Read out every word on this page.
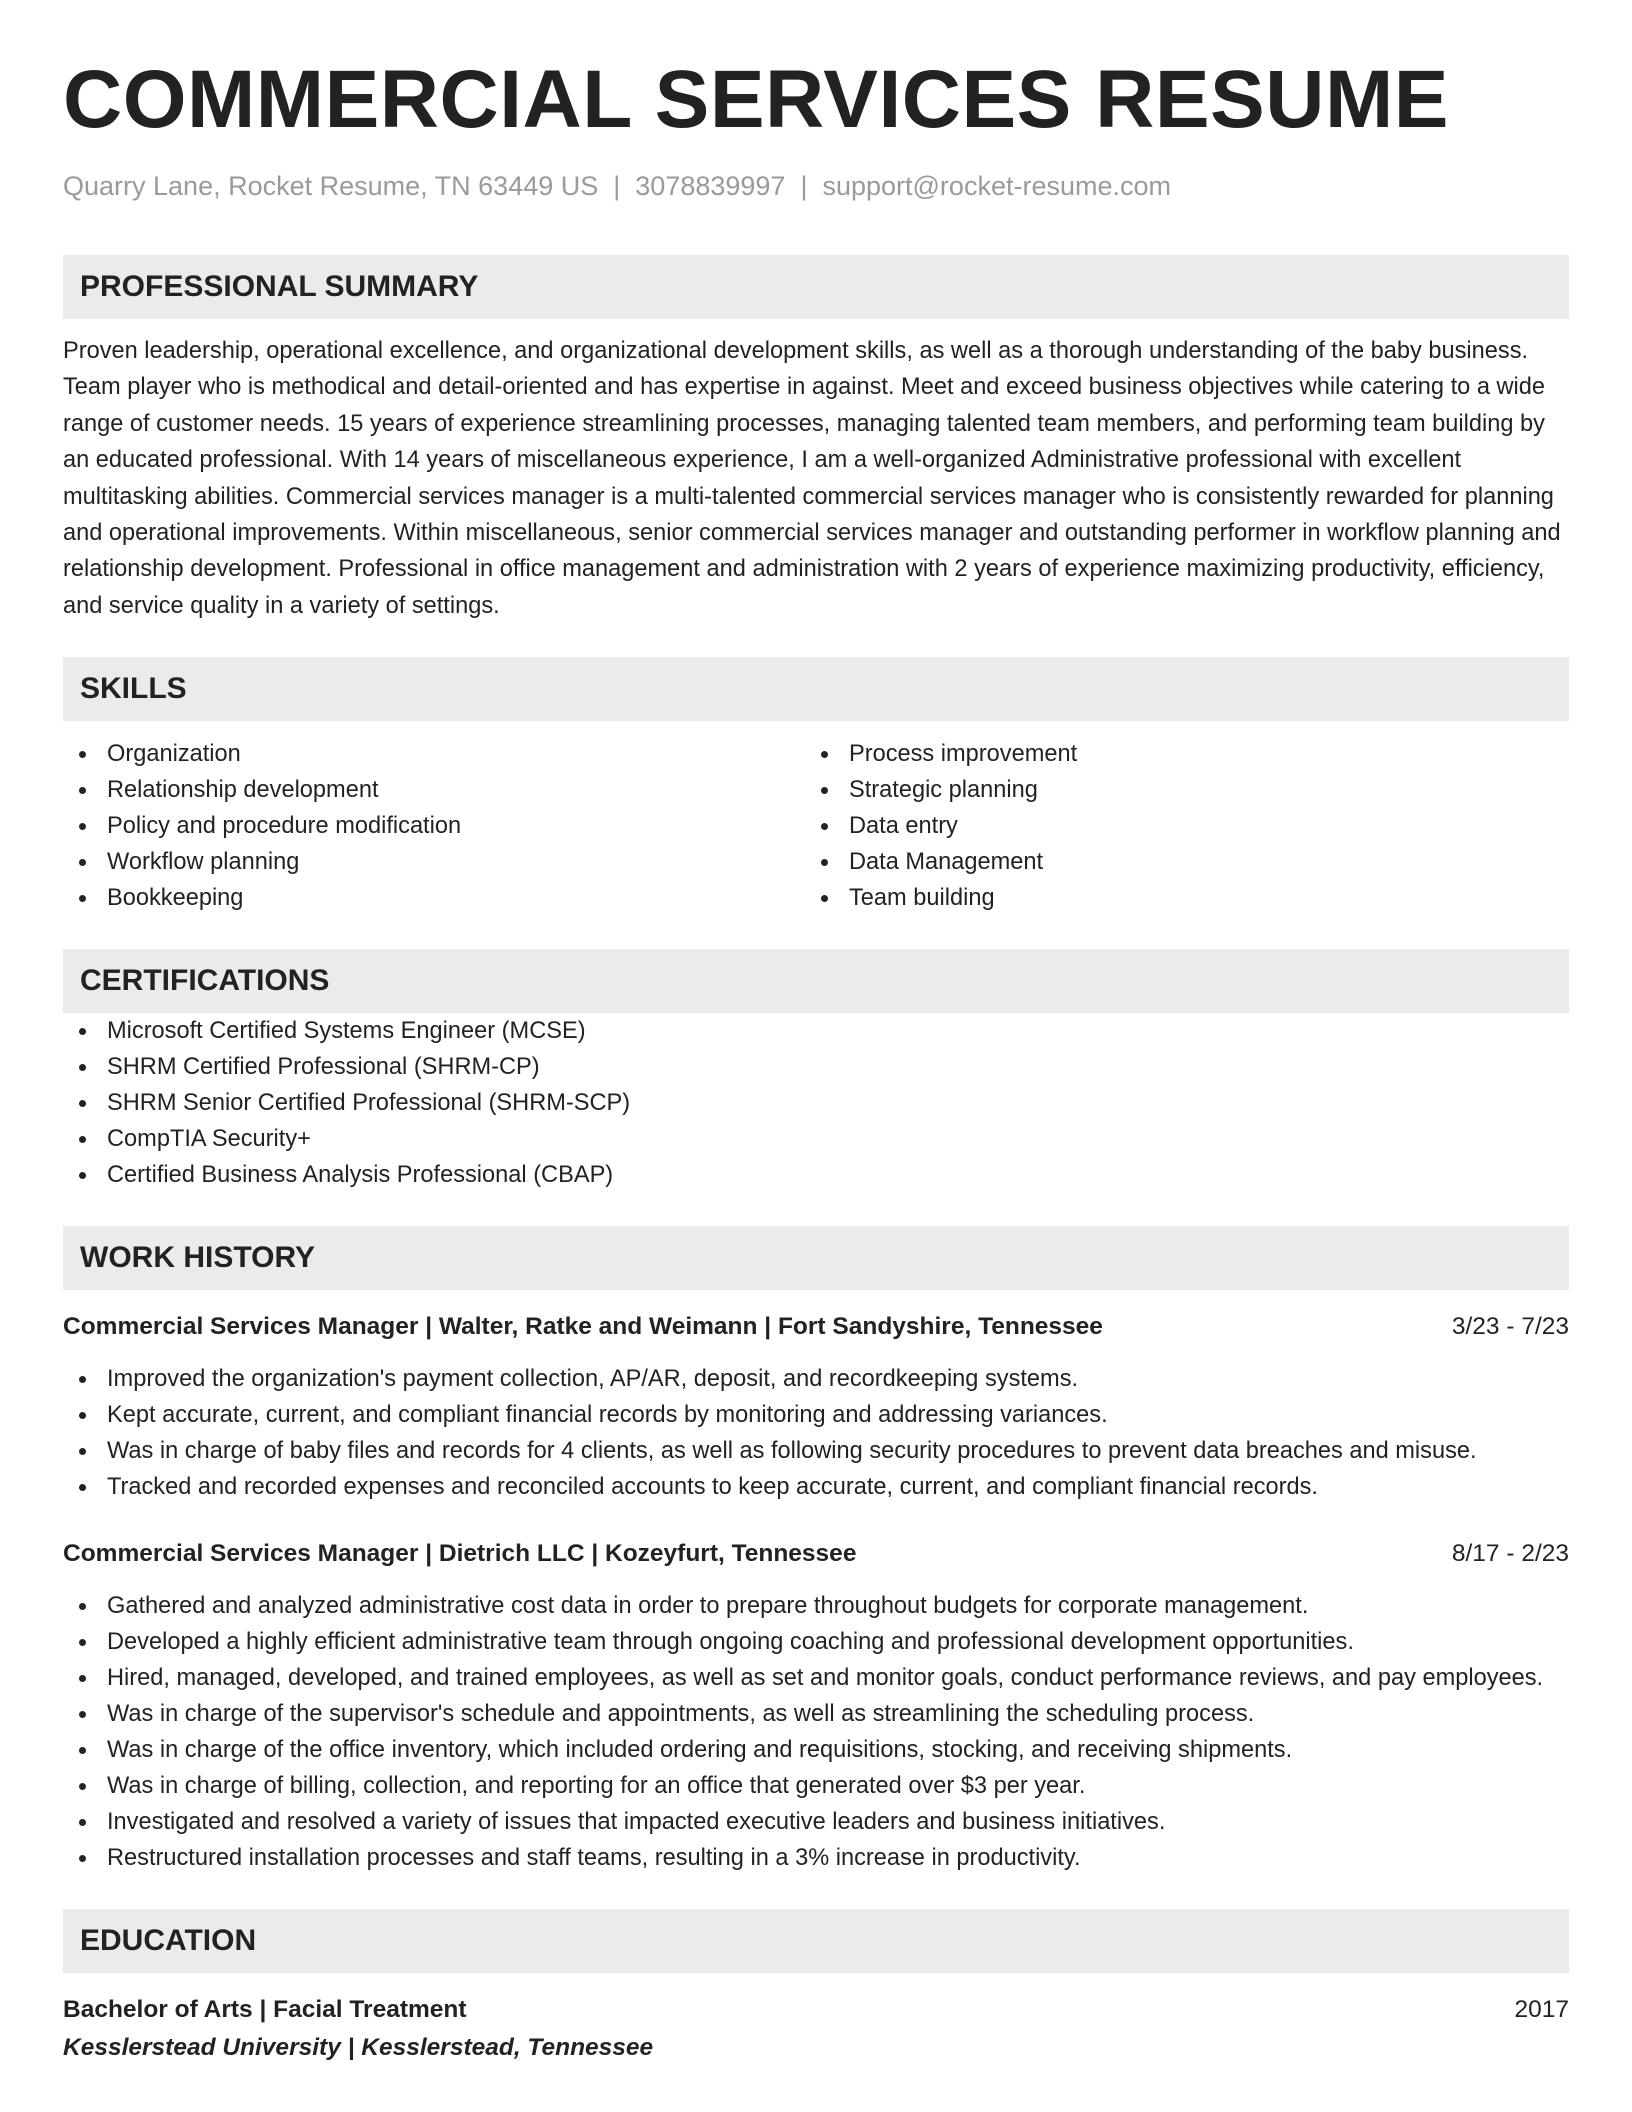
COMMERCIAL SERVICES RESUME
Quarry Lane, Rocket Resume, TN 63449 US | 3078839997 | support@rocket-resume.com
PROFESSIONAL SUMMARY

Proven leadership, operational excellence, and organizational development skills, as well as a thorough understanding of the baby business. Team player who is methodical and detail-oriented and has expertise in against. Meet and exceed business objectives while catering to a wide range of customer needs. 15 years of experience streamlining processes, managing talented team members, and performing team building by an educated professional. With 14 years of miscellaneous experience, I am a well-organized Administrative professional with excellent multitasking abilities. Commercial services manager is a multi-talented commercial services manager who is consistently rewarded for planning and operational improvements. Within miscellaneous, senior commercial services manager and outstanding performer in workflow planning and relationship development. Professional in office management and administration with 2 years of experience maximizing productivity, efficiency, and service quality in a variety of settings.

SKILLS
Organization
Relationship development
Policy and procedure modification
Workflow planning
Bookkeeping
Process improvement
Strategic planning
Data entry
Data Management
Team building
CERTIFICATIONS
Microsoft Certified Systems Engineer (MCSE)
SHRM Certified Professional (SHRM-CP)
SHRM Senior Certified Professional (SHRM-SCP)
CompTIA Security+
Certified Business Analysis Professional (CBAP)
WORK HISTORY
Commercial Services Manager | Walter, Ratke and Weimann | Fort Sandyshire, Tennessee	3/23 - 7/23
Improved the organization's payment collection, AP/AR, deposit, and recordkeeping systems.
Kept accurate, current, and compliant financial records by monitoring and addressing variances.
Was in charge of baby files and records for 4 clients, as well as following security procedures to prevent data breaches and misuse.
Tracked and recorded expenses and reconciled accounts to keep accurate, current, and compliant financial records.
Commercial Services Manager | Dietrich LLC | Kozeyfurt, Tennessee	8/17 - 2/23
Gathered and analyzed administrative cost data in order to prepare throughout budgets for corporate management.
Developed a highly efficient administrative team through ongoing coaching and professional development opportunities.
Hired, managed, developed, and trained employees, as well as set and monitor goals, conduct performance reviews, and pay employees.
Was in charge of the supervisor's schedule and appointments, as well as streamlining the scheduling process.
Was in charge of the office inventory, which included ordering and requisitions, stocking, and receiving shipments.
Was in charge of billing, collection, and reporting for an office that generated over $3 per year.
Investigated and resolved a variety of issues that impacted executive leaders and business initiatives.
Restructured installation processes and staff teams, resulting in a 3% increase in productivity.
EDUCATION
Bachelor of Arts | Facial Treatment	2017
Kesslerstead University | Kesslerstead, Tennessee
